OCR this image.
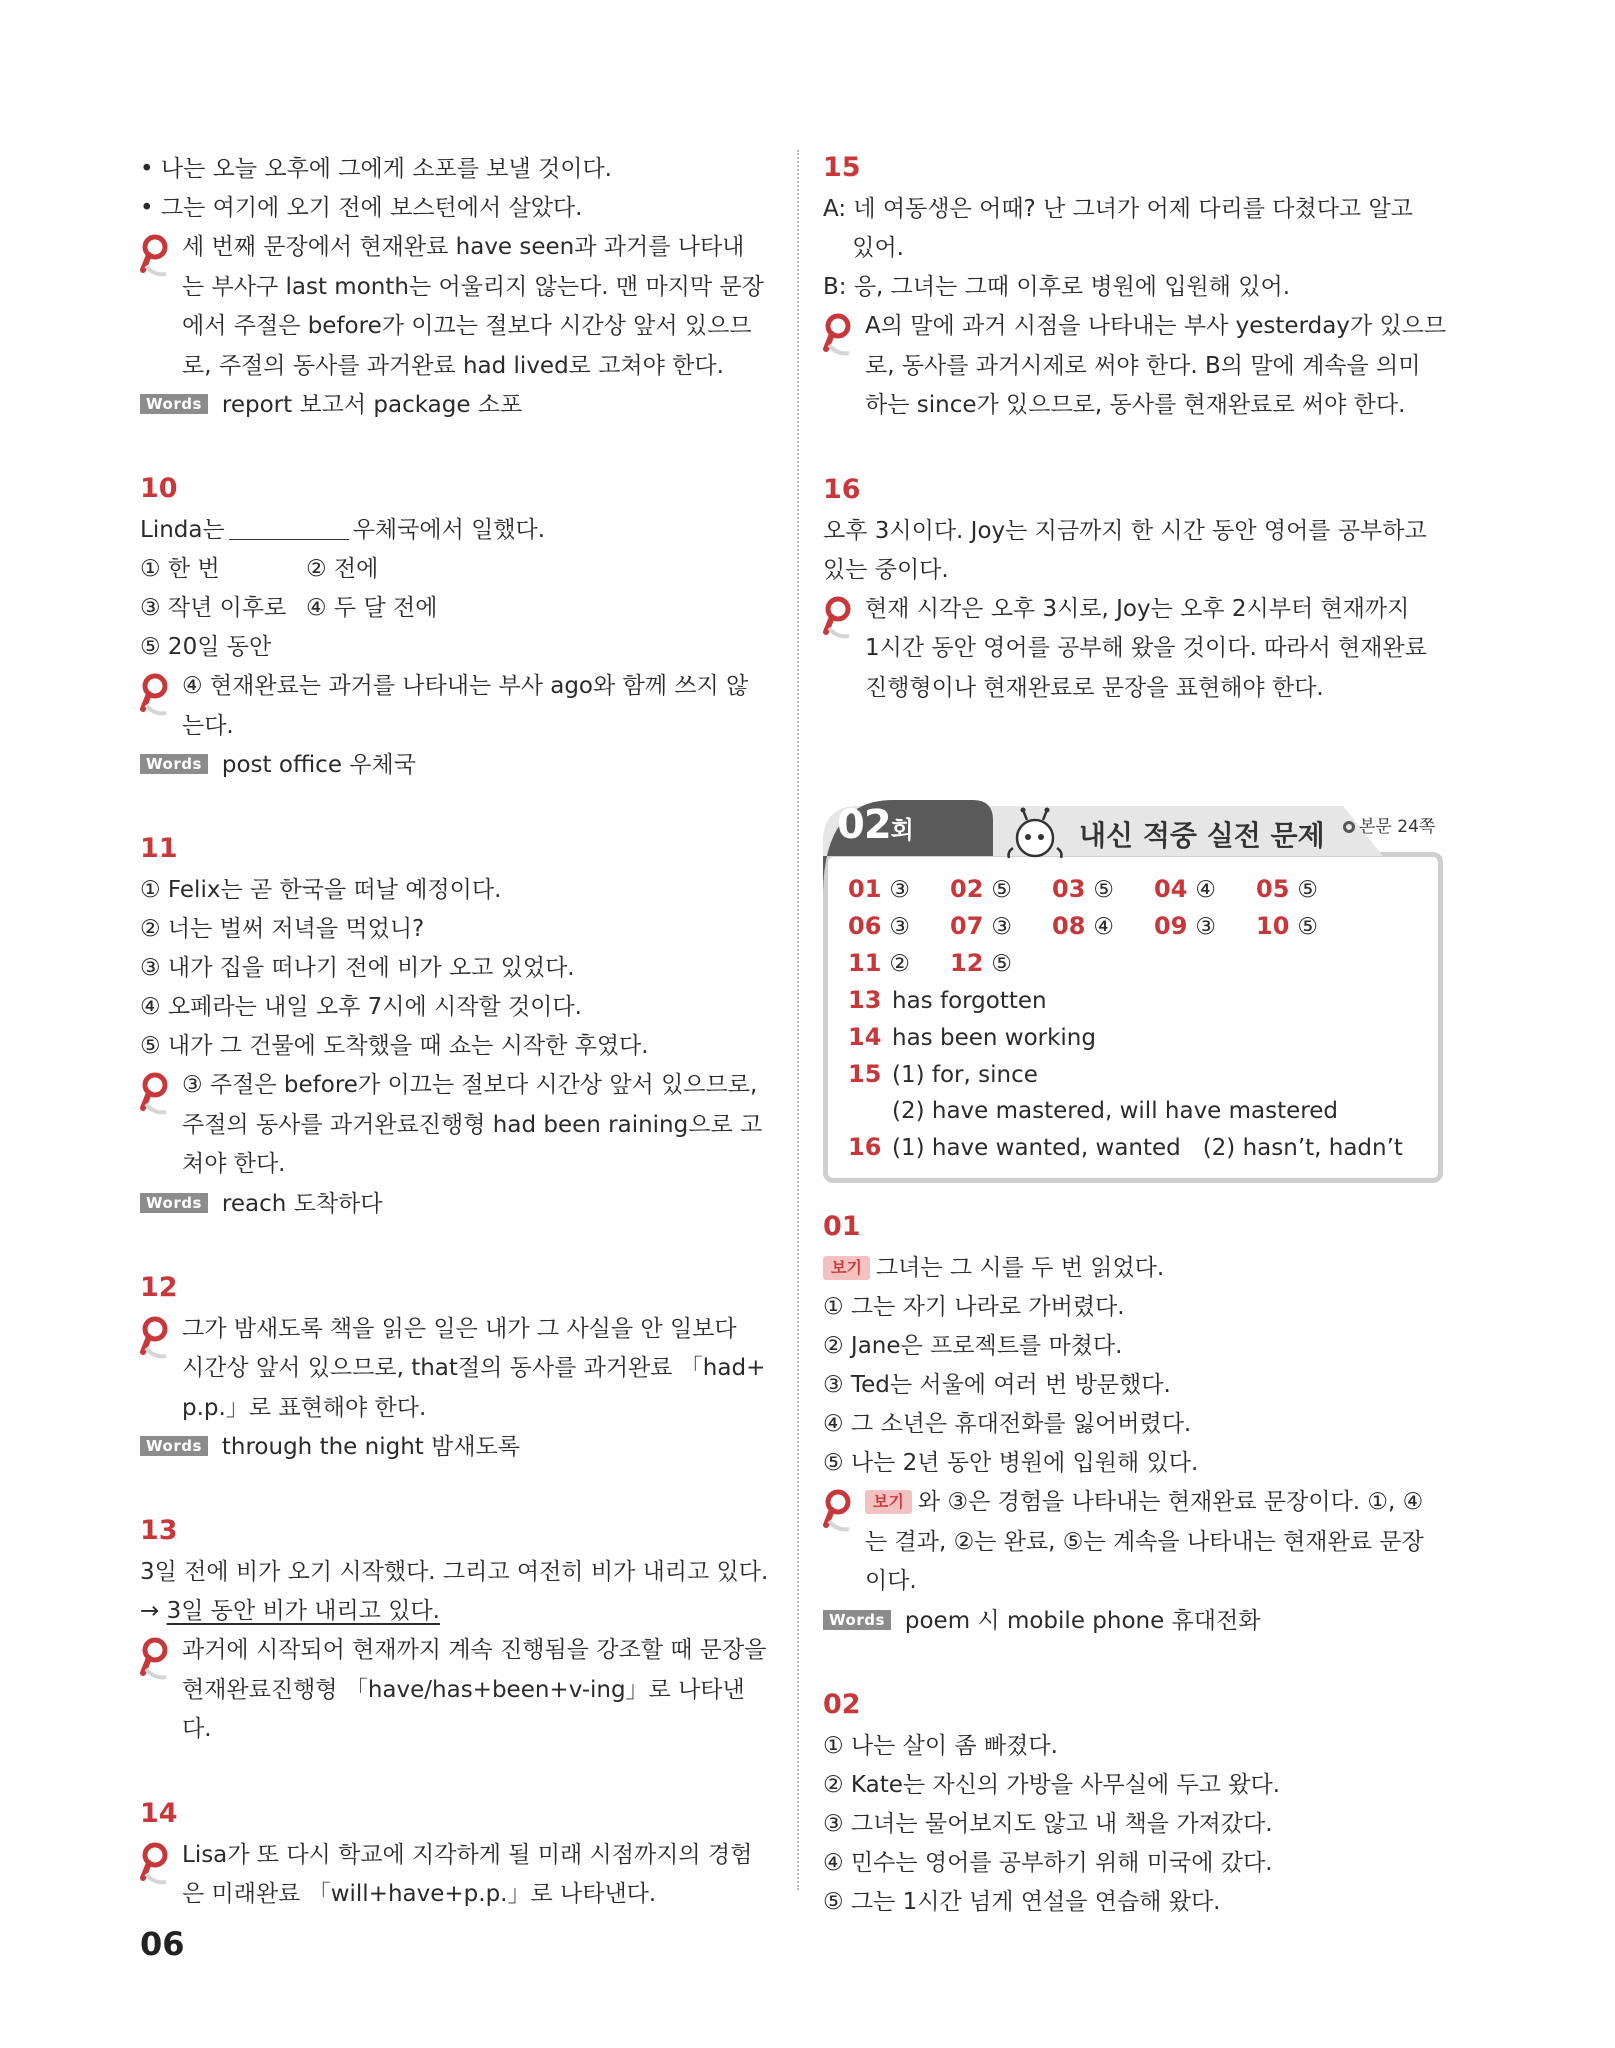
• 나는 오늘 오후에 그에게 소포를 보낼 것이다.
• 그는 여기에 오기 전에 보스턴에서 살았다.
세 번째 문장에서 현재완료 have seen과 과거를 나타내
는 부사구 last month는 어울리지 않는다. 맨 마지막 문장
에서 주절은 before가 이끄는 절보다 시간상 앞서 있으므
로, 주절의 동사를 과거완료 had lived로 고쳐야 한다.
Words report 보고서 package 소포
10
Linda는	우체국에서 일했다.
① 한 번	② 전에
③ 작년 이후로 ④ 두 달 전에
⑤ 20일 동안
④ 현재완료는 과거를 나타내는 부사 ago와 함께 쓰지 않
는다.
Words post office 우체국
11
① Felix는 곧 한국을 떠날 예정이다.
② 너는 벌써 저녁을 먹었니?
③ 내가 집을 떠나기 전에 비가 오고 있었다.
④ 오페라는 내일 오후 7시에 시작할 것이다.
⑤ 내가 그 건물에 도착했을 때 쇼는 시작한 후였다.
③ 주절은 before가 이끄는 절보다 시간상 앞서 있으므로,
주절의 동사를 과거완료진행형 had been raining으로 고
쳐야 한다.
Words reach 도착하다
12
그가 밤새도록 책을 읽은 일은 내가 그 사실을 안 일보다
시간상 앞서 있으므로, that절의 동사를 과거완료 「had+
p.p.」로 표현해야 한다.
Words through the night 밤새도록
13
3일 전에 비가 오기 시작했다. 그리고 여전히 비가 내리고 있다.
→ 3일 동안 비가 내리고 있다.
과거에 시작되어 현재까지 계속 진행됨을 강조할 때 문장을
현재완료진행형 「have/has+been+v-ing」로 나타낸다.
14
Lisa가 또 다시 학교에 지각하게 될 미래 시점까지의 경험
은 미래완료 「will+have+p.p.」로 나타낸다.
15
A: 네 여동생은 어때? 난 그녀가 어제 다리를 다쳤다고 알고
있어.
B: 응, 그녀는 그때 이후로 병원에 입원해 있어.
A의 말에 과거 시점을 나타내는 부사 yesterday가 있으므
로, 동사를 과거시제로 써야 한다. B의 말에 계속을 의미
하는 since가 있으므로, 동사를 현재완료로 써야 한다.
16
오후 3시이다. Joy는 지금까지 한 시간 동안 영어를 공부하고
있는 중이다.
현재 시각은 오후 3시로, Joy는 오후 2시부터 현재까지
1시간 동안 영어를 공부해 왔을 것이다. 따라서 현재완료
진행형이나 현재완료로 문장을 표현해야 한다.
02회	내신 적중 실전 문제	본문 24쪽
01 ③	02 ⑤	03 ⑤	04 ④	05 ⑤
06 ③	07 ③	08 ④	09 ③	10 ⑤
11 ②	12 ⑤
13 has forgotten
14 has been working
15 (1) for, since
(2) have mastered, will have mastered
16 (1) have wanted, wanted   (2) hasn’t, hadn’t
01
보기 그녀는 그 시를 두 번 읽었다.
① 그는 자기 나라로 가버렸다.
② Jane은 프로젝트를 마쳤다.
③ Ted는 서울에 여러 번 방문했다.
④ 그 소년은 휴대전화를 잃어버렸다.
⑤ 나는 2년 동안 병원에 입원해 있다.
보기 와 ③은 경험을 나타내는 현재완료 문장이다. ①, ④
는 결과, ②는 완료, ⑤는 계속을 나타내는 현재완료 문장
이다.
Words poem 시 mobile phone 휴대전화
02
① 나는 살이 좀 빠졌다.
② Kate는 자신의 가방을 사무실에 두고 왔다.
③ 그녀는 물어보지도 않고 내 책을 가져갔다.
④ 민수는 영어를 공부하기 위해 미국에 갔다.
⑤ 그는 1시간 넘게 연설을 연습해 왔다.
06
